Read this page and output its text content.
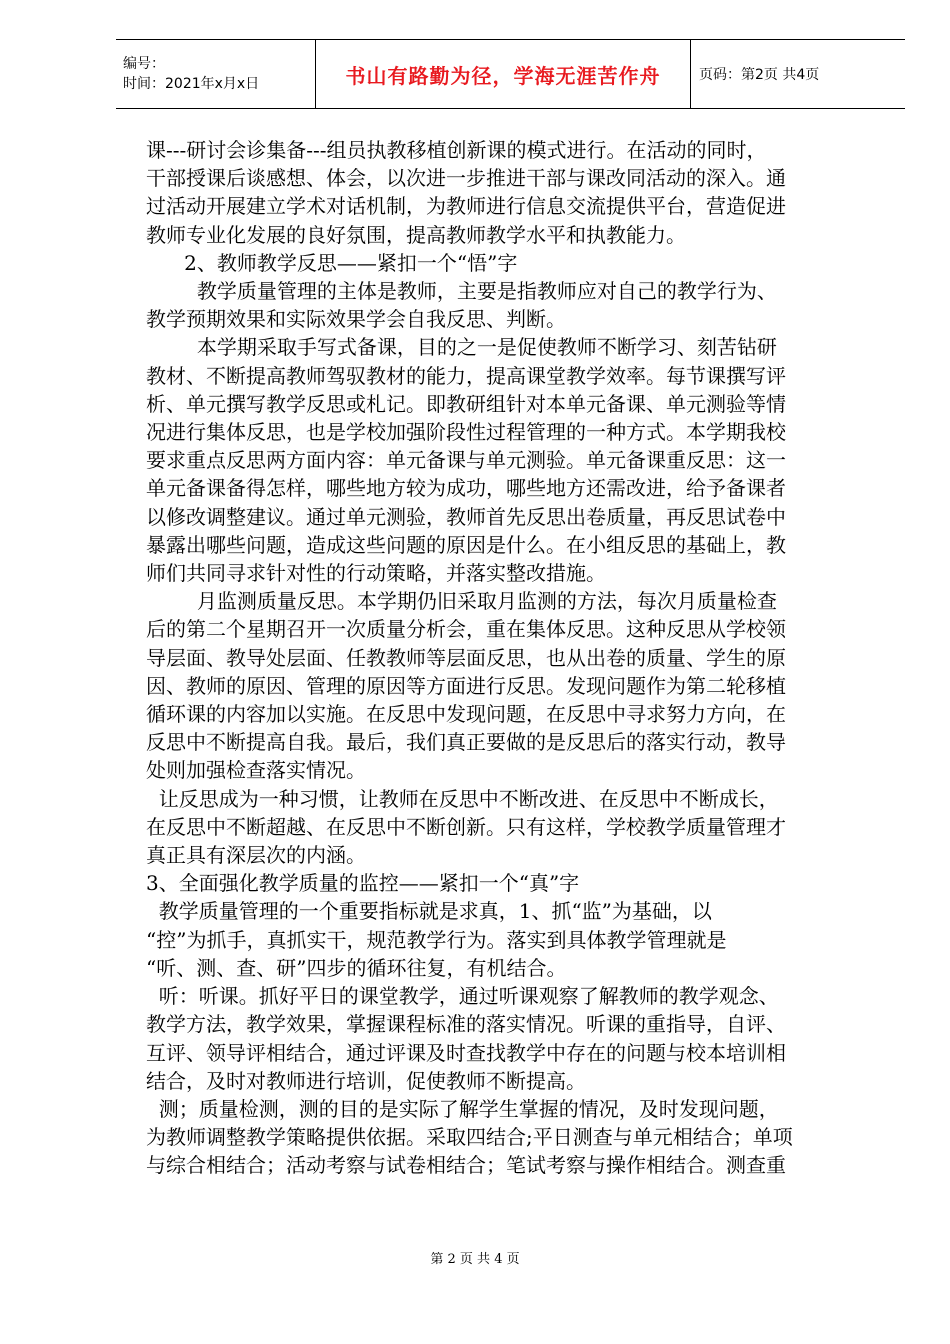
编号：
时间：2021年x月x日	书山有路勤为径，学海无涯苦作舟	页码：第2页 共4页

课---研讨会诊集备---组员执教移植创新课的模式进行。在活动的同时，

干部授课后谈感想、体会，以次进一步推进干部与课改同活动的深入。通

过活动开展建立学术对话机制，为教师进行信息交流提供平台，营造促进

教师专业化发展的良好氛围，提高教师教学水平和执教能力。

2、教师教学反思——紧扣一个“悟”字

教学质量管理的主体是教师，主要是指教师应对自己的教学行为、

教学预期效果和实际效果学会自我反思、判断。

本学期采取手写式备课，目的之一是促使教师不断学习、刻苦钻研

教材、不断提高教师驾驭教材的能力，提高课堂教学效率。每节课撰写评

析、单元撰写教学反思或札记。即教研组针对本单元备课、单元测验等情

况进行集体反思，也是学校加强阶段性过程管理的一种方式。本学期我校

要求重点反思两方面内容：单元备课与单元测验。单元备课重反思：这一

单元备课备得怎样，哪些地方较为成功，哪些地方还需改进，给予备课者

以修改调整建议。通过单元测验，教师首先反思出卷质量，再反思试卷中

暴露出哪些问题，造成这些问题的原因是什么。在小组反思的基础上，教

师们共同寻求针对性的行动策略，并落实整改措施。

月监测质量反思。本学期仍旧采取月监测的方法，每次月质量检查

后的第二个星期召开一次质量分析会，重在集体反思。这种反思从学校领

导层面、教导处层面、任教教师等层面反思，也从出卷的质量、学生的原

因、教师的原因、管理的原因等方面进行反思。发现问题作为第二轮移植

循环课的内容加以实施。在反思中发现问题，在反思中寻求努力方向，在

反思中不断提高自我。最后，我们真正要做的是反思后的落实行动，教导

处则加强检查落实情况。

让反思成为一种习惯，让教师在反思中不断改进、在反思中不断成长，

在反思中不断超越、在反思中不断创新。只有这样，学校教学质量管理才

真正具有深层次的内涵。

3、全面强化教学质量的监控——紧扣一个“真”字

教学质量管理的一个重要指标就是求真，1、抓“监”为基础，以

“控”为抓手，真抓实干，规范教学行为。落实到具体教学管理就是

“听、测、查、研”四步的循环往复，有机结合。

听：听课。抓好平日的课堂教学，通过听课观察了解教师的教学观念、

教学方法，教学效果，掌握课程标准的落实情况。听课的重指导，自评、

互评、领导评相结合，通过评课及时查找教学中存在的问题与校本培训相

结合，及时对教师进行培训，促使教师不断提高。

测；质量检测，测的目的是实际了解学生掌握的情况，及时发现问题，

为教师调整教学策略提供依据。采取四结合;平日测查与单元相结合；单项

与综合相结合；活动考察与试卷相结合；笔试考察与操作相结合。测查重

第 2 页 共 4 页
